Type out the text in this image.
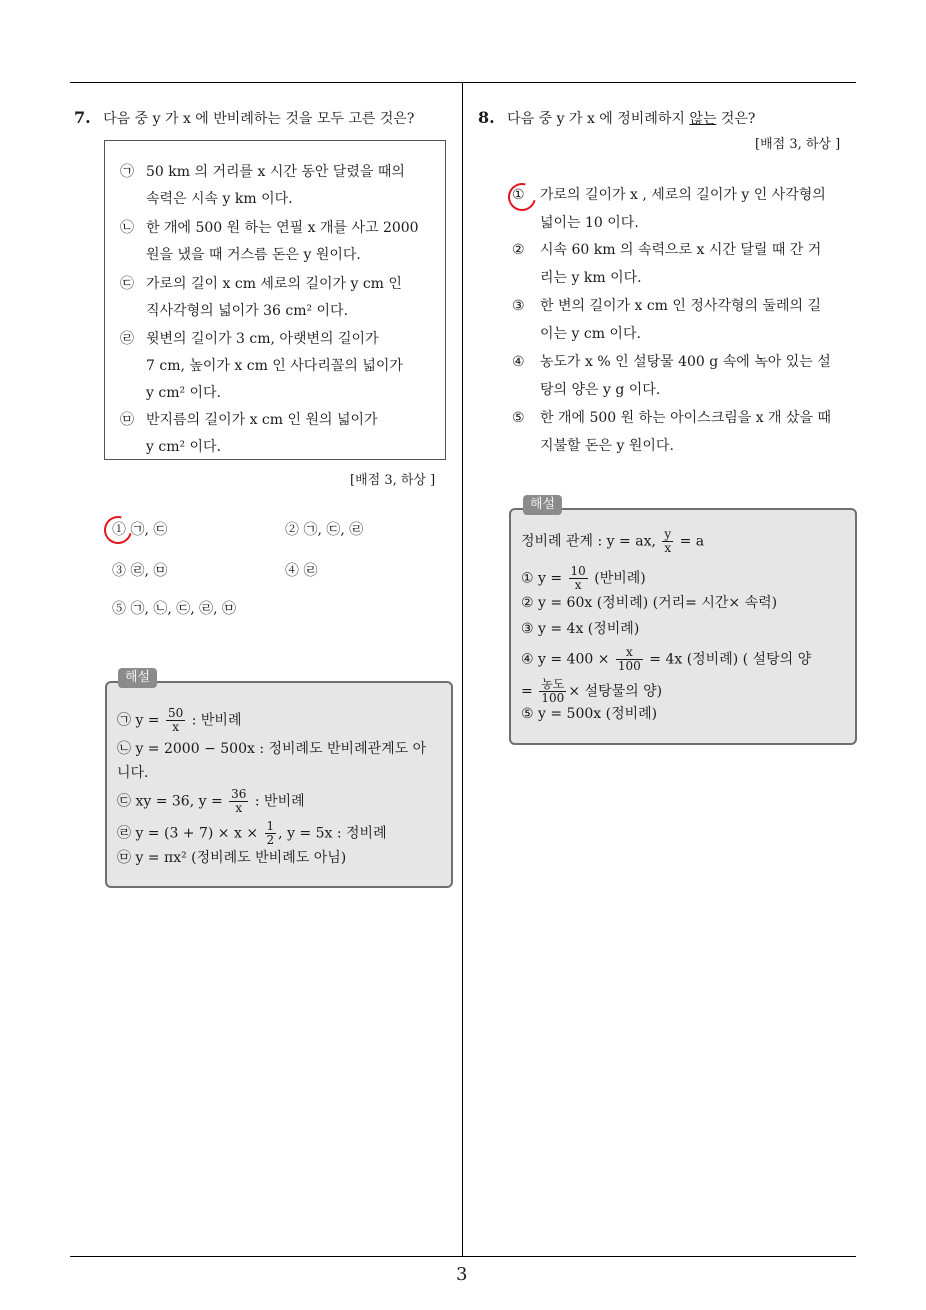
3
7. 다음 중 y 가 x 에 반비례하는 것을 모두 고른 것은?
㉠ 50 km 의 거리를 x 시간 동안 달렸을 때의
속력은 시속 y km 이다.
㉡ 한 개에 500 원 하는 연필 x 개를 사고 2000
원을 냈을 때 거스름 돈은 y 원이다.
㉢ 가로의 길이 x cm 세로의 길이가 y cm 인
직사각형의 넓이가 36 cm² 이다.
㉣ 윗변의 길이가 3 cm, 아랫변의 길이가
7 cm, 높이가 x cm 인 사다리꼴의 넓이가
y cm² 이다.
㉤ 반지름의 길이가 x cm 인 원의 넓이가
y cm² 이다.
[배점 3, 하상 ]
① ㉠, ㉢	② ㉠, ㉢, ㉣
③ ㉣, ㉤	④ ㉣
⑤ ㉠, ㉡, ㉢, ㉣, ㉤
㉠ $y = \frac{50}{x}$ : 반비례
㉡ y = 2000 − 500x : 정비례도 반비례관계도 아
니다.
㉢ xy = 36, $y = \frac{36}{x}$ : 반비례
㉣ $y = (3 + 7) \times x \times \frac{1}{2}$ , y = 5x : 정비례
㉤ y = πx² (정비례도 반비례도 아님)
해설
8. 다음 중 y 가 x 에 정비례하지 않는 것은?
[배점 3, 하상 ]
① 가로의 길이가 x , 세로의 길이가 y 인 사각형의
넓이는 10 이다.
② 시속 60 km 의 속력으로 x 시간 달릴 때 간 거
리는 y km 이다.
③ 한 변의 길이가 x cm 인 정사각형의 둘레의 길
이는 y cm 이다.
④ 농도가 x % 인 설탕물 400 g 속에 녹아 있는 설
탕의 양은 y g 이다.
⑤ 한 개에 500 원 하는 아이스크림을 x 개 샀을 때
지불할 돈은 y 원이다.
정비례 관계 : y = ax, $\frac{y}{x} = a$
① $y = \frac{10}{x}$ (반비례)
② y = 60x (정비례) (거리= 시간× 속력)
③ y = 4x (정비례)
④ $y = 400 \times \frac{x}{100} = 4x$ (정비례) ( 설탕의 양
= $\frac{\text{농도}}{100}$ × 설탕물의 양)
⑤ y = 500x (정비례)
해설
